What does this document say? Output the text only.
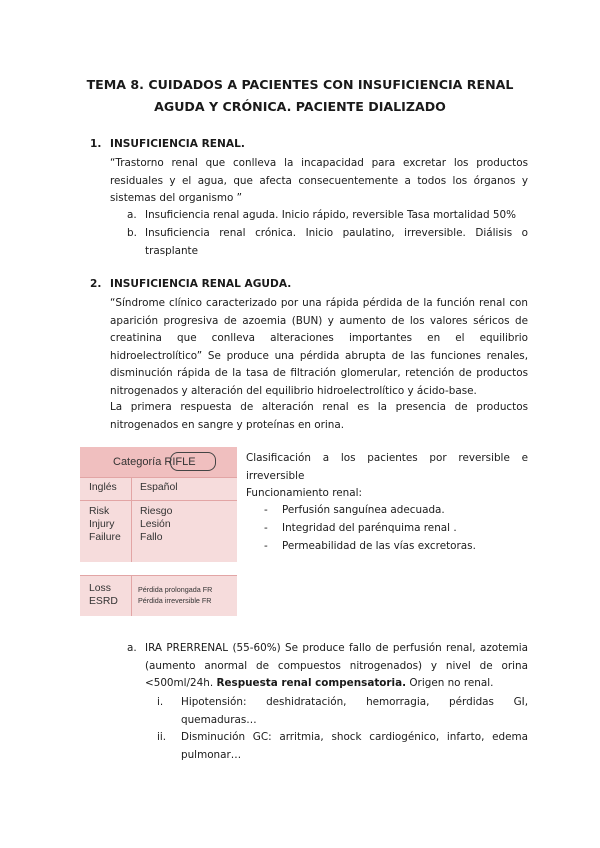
TEMA 8. CUIDADOS A PACIENTES CON INSUFICIENCIA RENAL
AGUDA Y CRÓNICA. PACIENTE DIALIZADO
1. INSUFICIENCIA RENAL.
“Trastorno renal que conlleva la incapacidad para excretar los productos residuales y el agua, que afecta consecuentemente a todos los órganos y sistemas del organismo ”
a. Insuficiencia renal aguda. Inicio rápido, reversible Tasa mortalidad 50%
b. Insuficiencia renal crónica. Inicio paulatino, irreversible. Diálisis o trasplante
2. INSUFICIENCIA RENAL AGUDA.
“Síndrome clínico caracterizado por una rápida pérdida de la función renal con aparición progresiva de azoemia (BUN) y aumento de los valores séricos de creatinina que conlleva alteraciones importantes en el equilibrio hidroelectrolítico” Se produce una pérdida abrupta de las funciones renales, disminución rápida de la tasa de filtración glomerular, retención de productos nitrogenados y alteración del equilibrio hidroelectrolítico y ácido-base.
La primera respuesta de alteración renal es la presencia de productos nitrogenados en sangre y proteínas en orina.
Categoría RIFLE
Inglés Español
Risk
Injury
Failure
Riesgo
Lesión
Fallo
Loss
ESRD
Pérdida prolongada FR
Pérdida irreversible FR
Clasificación a los pacientes por reversible e irreversible
Funcionamiento renal:
- Perfusión sanguínea adecuada.
- Integridad del parénquima renal .
- Permeabilidad de las vías excretoras.
a. IRA PRERRENAL (55-60%) Se produce fallo de perfusión renal, azotemia (aumento anormal de compuestos nitrogenados) y nivel de orina <500ml/24h. Respuesta renal compensatoria. Origen no renal.
i. Hipotensión: deshidratación, hemorragia, pérdidas GI, quemaduras…
ii. Disminución GC: arritmia, shock cardiogénico, infarto, edema pulmonar…
